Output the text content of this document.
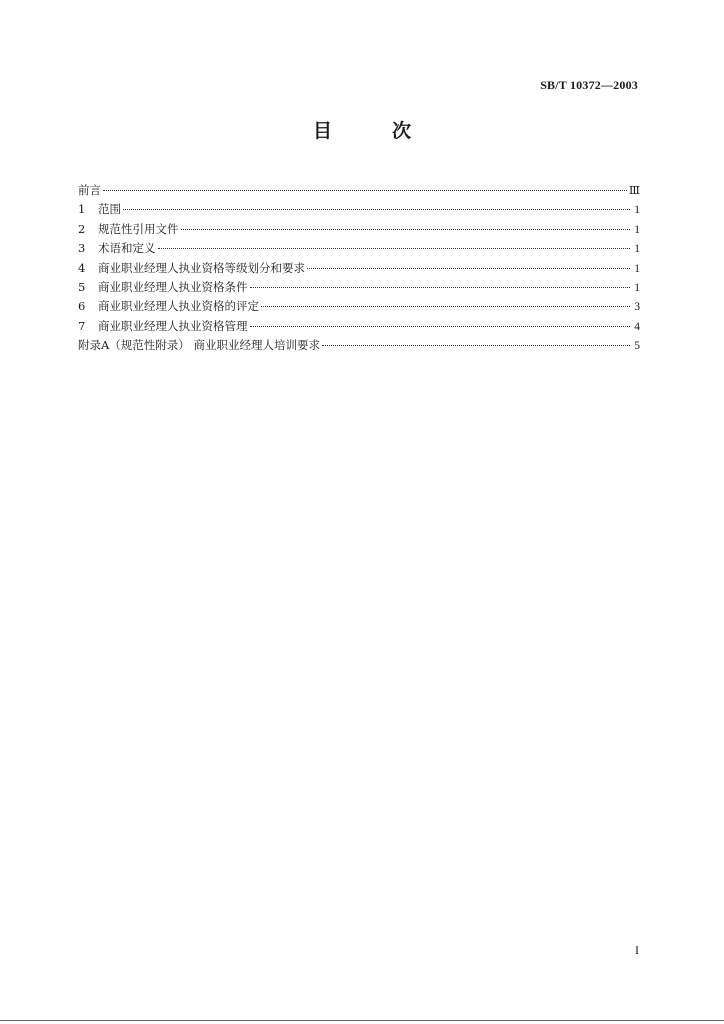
SB/T 10372—2003
目	次
前言	Ⅲ
1	范围	1
2	规范性引用文件	1
3	术语和定义	1
4	商业职业经理人执业资格等级划分和要求	1
5	商业职业经理人执业资格条件	1
6	商业职业经理人执业资格的评定	3
7	商业职业经理人执业资格管理	4
附录A（规范性附录） 商业职业经理人培训要求	5
I
